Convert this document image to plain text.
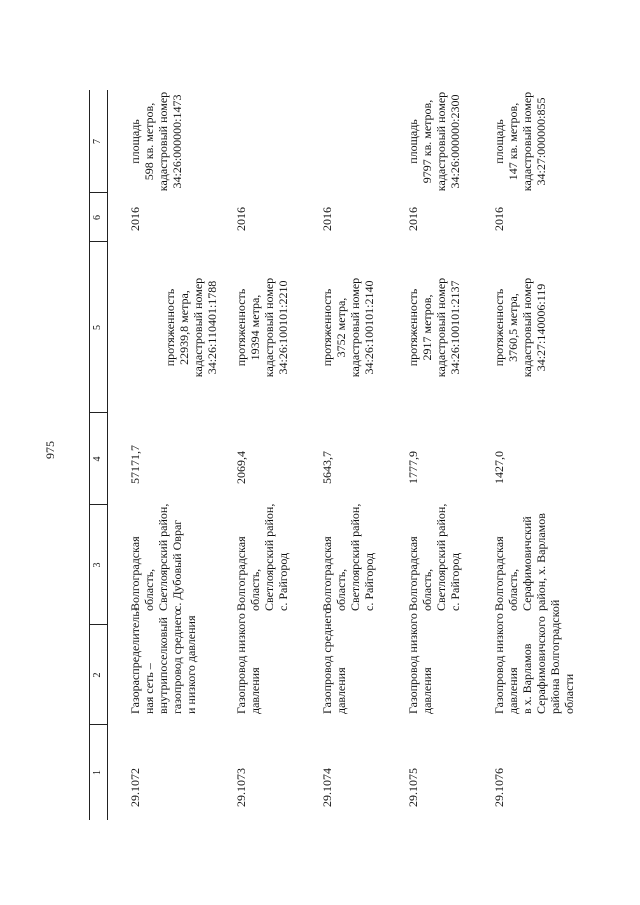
975
1
2
3
4
5
6
7
29.1072
Газораспределитель-
ная сеть –
внутрипоселковый
газопровод среднего
и низкого давления
Волгоградская
область,
Светлоярский район,
с. Дубовый Овраг
57171,7
протяженность
22939,8 метра,
кадастровый номер
34:26:110401:1788
2016
площадь
598 кв. метров,
кадастровый номер
34:26:000000:1473
29.1073
Газопровод низкого
давления
Волгоградская
область,
Светлоярский район,
с. Райгород
2069,4
протяженность
19394 метра,
кадастровый номер
34:26:100101:2210
2016
29.1074
Газопровод среднего
давления
Волгоградская
область,
Светлоярский район,
с. Райгород
5643,7
протяженность
3752 метра,
кадастровый номер
34:26:100101:2140
2016
29.1075
Газопровод низкого
давления
Волгоградская
область,
Светлоярский район,
с. Райгород
1777,9
протяженность
2917 метров,
кадастровый номер
34:26:100101:2137
2016
площадь
9797 кв. метров,
кадастровый номер
34:26:000000:2300
29.1076
Газопровод низкого
давления
в х. Варламов
Серафимовичского
района Волгоградской
области
Волгоградская
область,
Серафимовичский
район, х. Варламов
1427,0
протяженность
3760,5 метра,
кадастровый номер
34:27:140006:119
2016
площадь
147 кв. метров,
кадастровый номер
34:27:000000:855
